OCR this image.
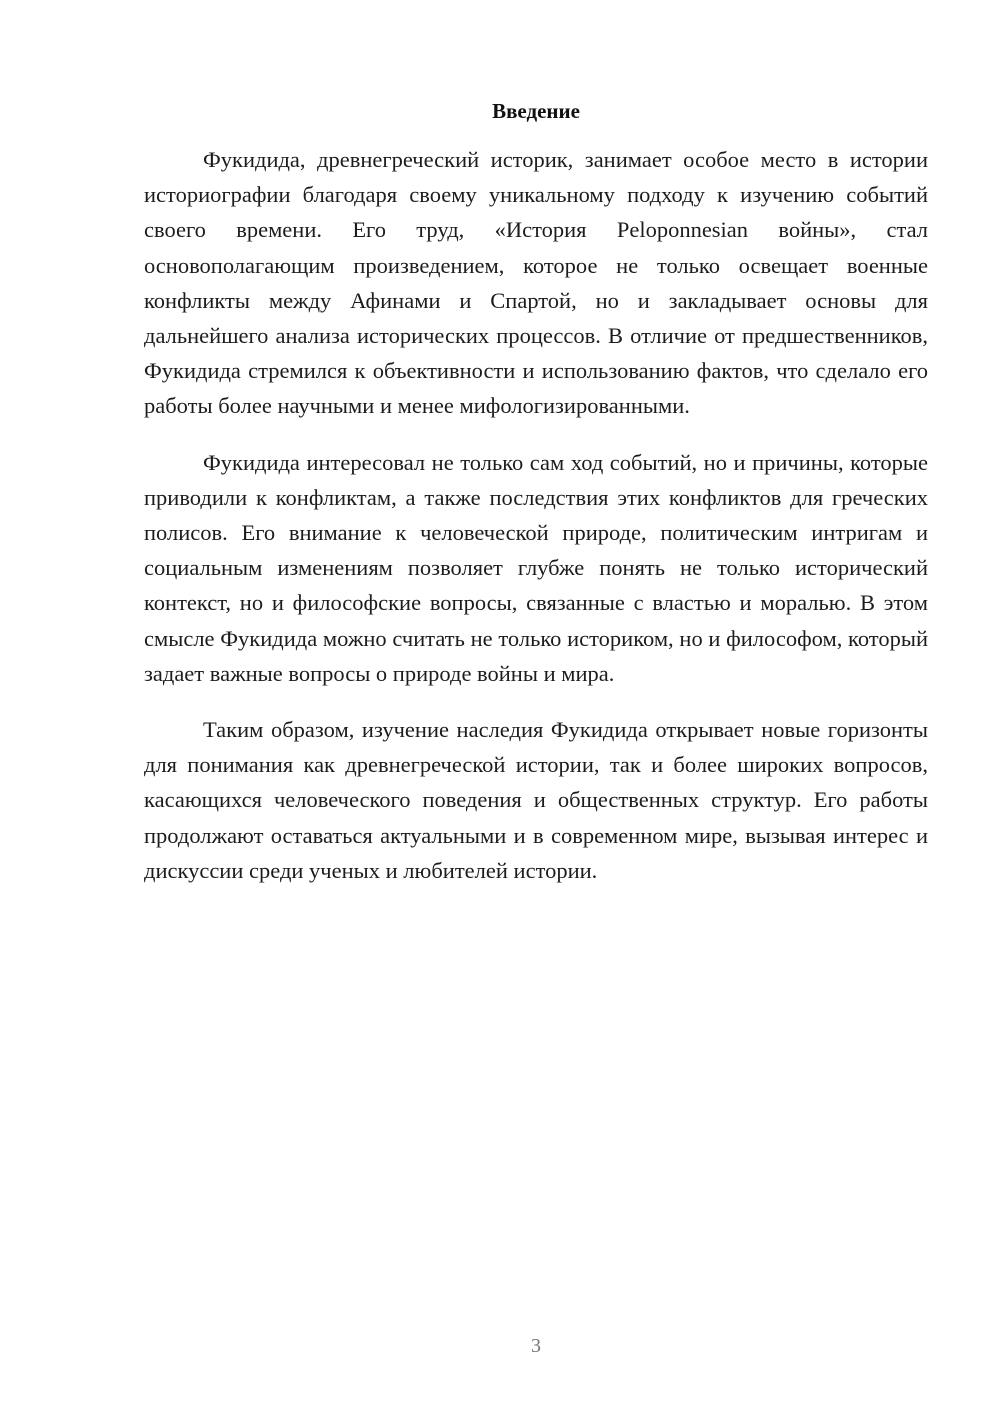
Введение

Фукидида, древнегреческий историк, занимает особое место в истории историографии благодаря своему уникальному подходу к изучению событий своего времени. Его труд, «История Peloponnesian войны», стал основополагающим произведением, которое не только освещает военные конфликты между Афинами и Спартой, но и закладывает основы для дальнейшего анализа исторических процессов. В отличие от предшественников, Фукидида стремился к объективности и использованию фактов, что сделало его работы более научными и менее мифологизированными.

Фукидида интересовал не только сам ход событий, но и причины, которые приводили к конфликтам, а также последствия этих конфликтов для греческих полисов. Его внимание к человеческой природе, политическим интригам и социальным изменениям позволяет глубже понять не только исторический контекст, но и философские вопросы, связанные с властью и моралью. В этом смысле Фукидида можно считать не только историком, но и философом, который задает важные вопросы о природе войны и мира.

Таким образом, изучение наследия Фукидида открывает новые горизонты для понимания как древнегреческой истории, так и более широких вопросов, касающихся человеческого поведения и общественных структур. Его работы продолжают оставаться актуальными и в современном мире, вызывая интерес и дискуссии среди ученых и любителей истории.

3
